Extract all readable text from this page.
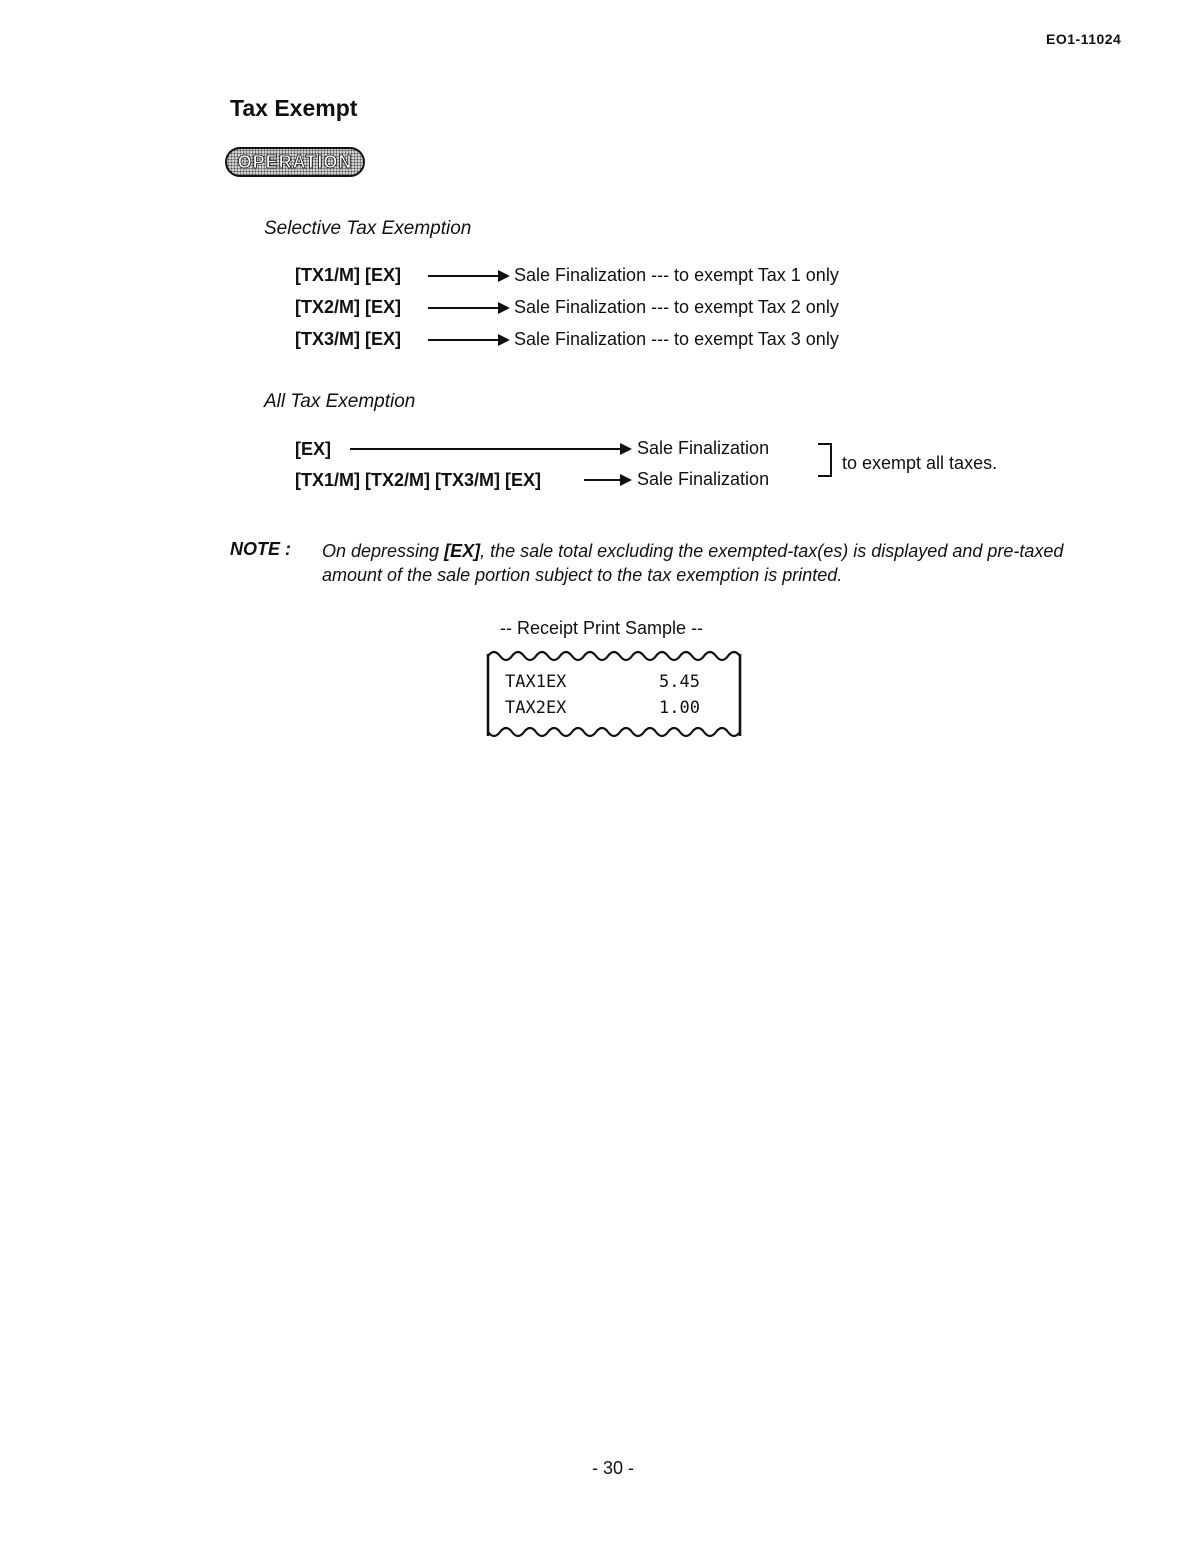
EO1-11024
Tax Exempt
OPERATION
Selective Tax Exemption
[TX1/M] [EX]	Sale Finalization --- to exempt Tax 1 only
[TX2/M] [EX]	Sale Finalization --- to exempt Tax 2 only
[TX3/M] [EX]	Sale Finalization --- to exempt Tax 3 only
All Tax Exemption
[EX]	Sale Finalization
[TX1/M] [TX2/M] [TX3/M] [EX]	Sale Finalization
to exempt all taxes.
NOTE : On depressing [EX], the sale total excluding the exempted-tax(es) is displayed and pre-taxed amount of the sale portion subject to the tax exemption is printed.
-- Receipt Print Sample --
TAX1EX	5.45
TAX2EX	1.00
- 30 -
